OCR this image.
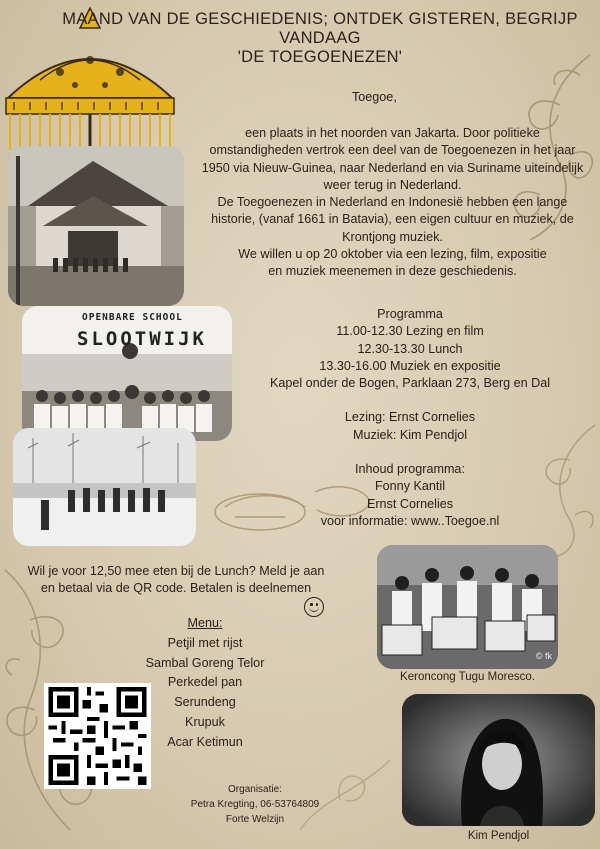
MAAND VAN DE GESCHIEDENIS; ONTDEK GISTEREN, BEGRIJP
VANDAAG
'DE TOEGOENEZEN'
Toegoe,

een plaats in het noorden van Jakarta. Door politieke omstandigheden vertrok een deel van de Toegoenezen in het jaar 1950 via Nieuw-Guinea, naar Nederland en via Suriname uiteindelijk weer terug in Nederland.

De Toegoenezen in Nederland en Indonesië hebben een lange historie, (vanaf 1661 in Batavia), een eigen cultuur en muziek, de Krontjong muziek.

We willen u op 20 oktober via een lezing, film, expositie en muziek meenemen in deze geschiedenis.

OPENBARE SCHOOL
SLOOTWIJK
Programma
11.00-12.30 Lezing en film
12.30-13.30 Lunch
13.30-16.00 Muziek en expositie
Kapel onder de Bogen, Parklaan 273, Berg en Dal
Lezing: Ernst Cornelies
Muziek: Kim Pendjol
Inhoud programma:
Fonny Kantil
Ernst Cornelies
voor informatie: www..Toegoe.nl
© fk
Keroncong Tugu Moresco.
Wil je voor 12,50 mee eten bij de Lunch? Meld je aan en betaal via de QR code. Betalen is deelnemen
Menu:
Petjil met rijst
Sambal Goreng Telor
Perkedel pan
Serundeng
Krupuk
Acar Ketimun
Organisatie:
Petra Kregting, 06-53764809
Forte Welzijn
Kim Pendjol
